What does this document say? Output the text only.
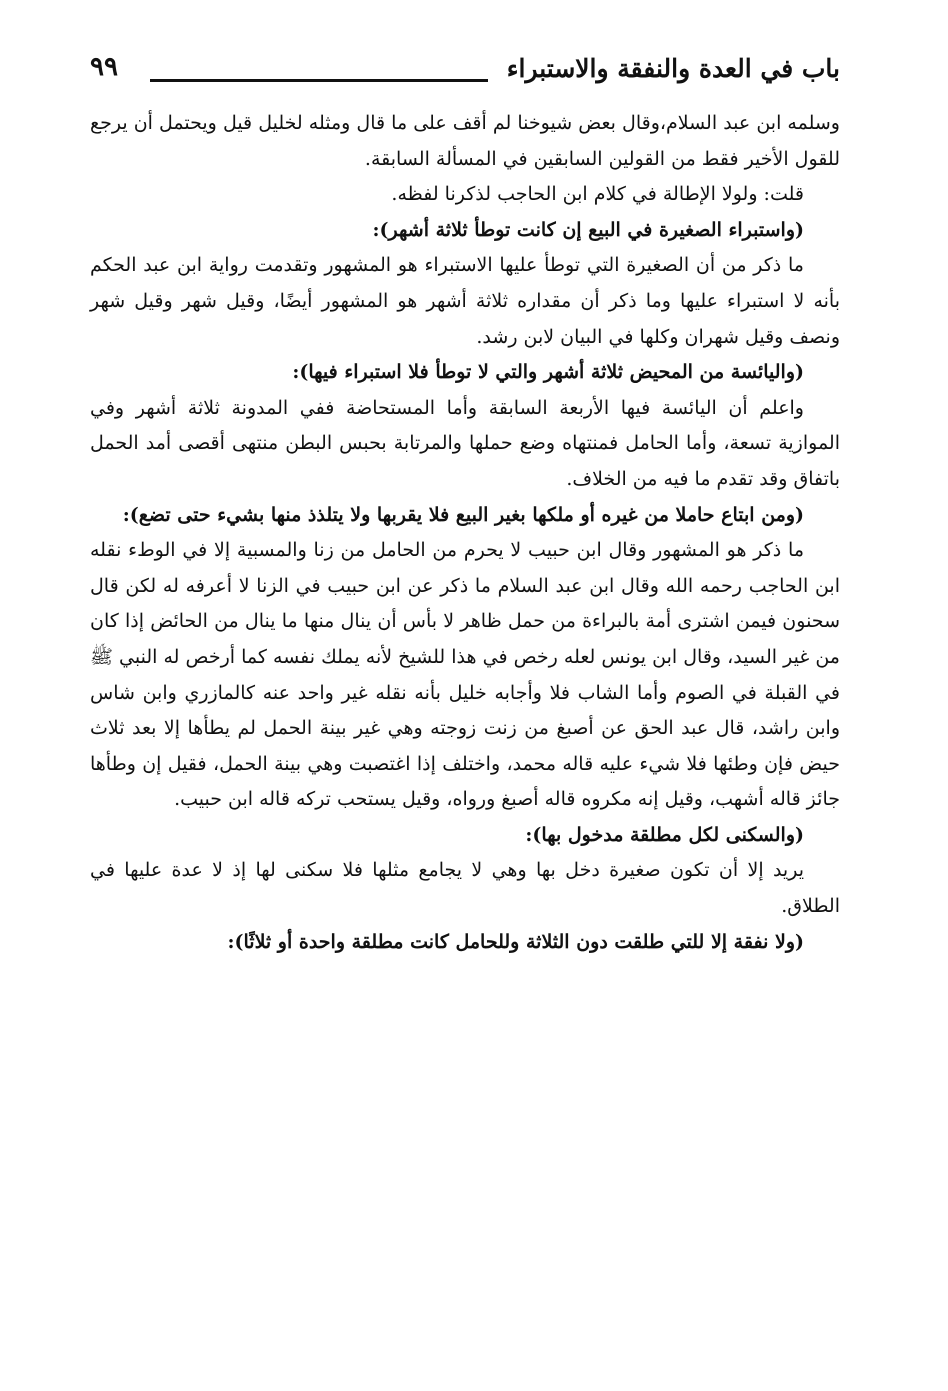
باب في العدة والنفقة والاستبراء
٩٩

وسلمه ابن عبد السلام،وقال بعض شيوخنا لم أقف على ما قال ومثله لخليل قيل ويحتمل أن يرجع للقول الأخير فقط من القولين السابقين في المسألة السابقة.

قلت: ولولا الإطالة في كلام ابن الحاجب لذكرنا لفظه.

(واستبراء الصغيرة في البيع إن كانت توطأ ثلاثة أشهر):

ما ذكر من أن الصغيرة التي توطأ عليها الاستبراء هو المشهور وتقدمت رواية ابن عبد الحكم بأنه لا استبراء عليها وما ذكر أن مقداره ثلاثة أشهر هو المشهور أيضًا، وقيل شهر وقيل شهر ونصف وقيل شهران وكلها في البيان لابن رشد.

(واليائسة من المحيض ثلاثة أشهر والتي لا توطأ فلا استبراء فيها):

واعلم أن اليائسة فيها الأربعة السابقة وأما المستحاضة ففي المدونة ثلاثة أشهر وفي الموازية تسعة، وأما الحامل فمنتهاه وضع حملها والمرتابة بحبس البطن منتهى أقصى أمد الحمل باتفاق وقد تقدم ما فيه من الخلاف.

(ومن ابتاع حاملا من غيره أو ملكها بغير البيع فلا يقربها ولا يتلذذ منها بشيء حتى تضع):

ما ذكر هو المشهور وقال ابن حبيب لا يحرم من الحامل من زنا والمسبية إلا في الوطء نقله ابن الحاجب رحمه الله وقال ابن عبد السلام ما ذكر عن ابن حبيب في الزنا لا أعرفه له لكن قال سحنون فيمن اشترى أمة بالبراءة من حمل ظاهر لا بأس أن ينال منها ما ينال من الحائض إذا كان من غير السيد، وقال ابن يونس لعله رخص في هذا للشيخ لأنه يملك نفسه كما أرخص له النبي ﷺ في القبلة في الصوم وأما الشاب فلا وأجابه خليل بأنه نقله غير واحد عنه كالمازري وابن شاس وابن راشد، قال عبد الحق عن أصبغ من زنت زوجته وهي غير بينة الحمل لم يطأها إلا بعد ثلاث حيض فإن وطئها فلا شيء عليه قاله محمد، واختلف إذا اغتصبت وهي بينة الحمل، فقيل إن وطأها جائز قاله أشهب، وقيل إنه مكروه قاله أصبغ ورواه، وقيل يستحب تركه قاله ابن حبيب.

(والسكنى لكل مطلقة مدخول بها):

يريد إلا أن تكون صغيرة دخل بها وهي لا يجامع مثلها فلا سكنى لها إذ لا عدة عليها في الطلاق.

(ولا نفقة إلا للتي طلقت دون الثلاثة وللحامل كانت مطلقة واحدة أو ثلاثًا):
